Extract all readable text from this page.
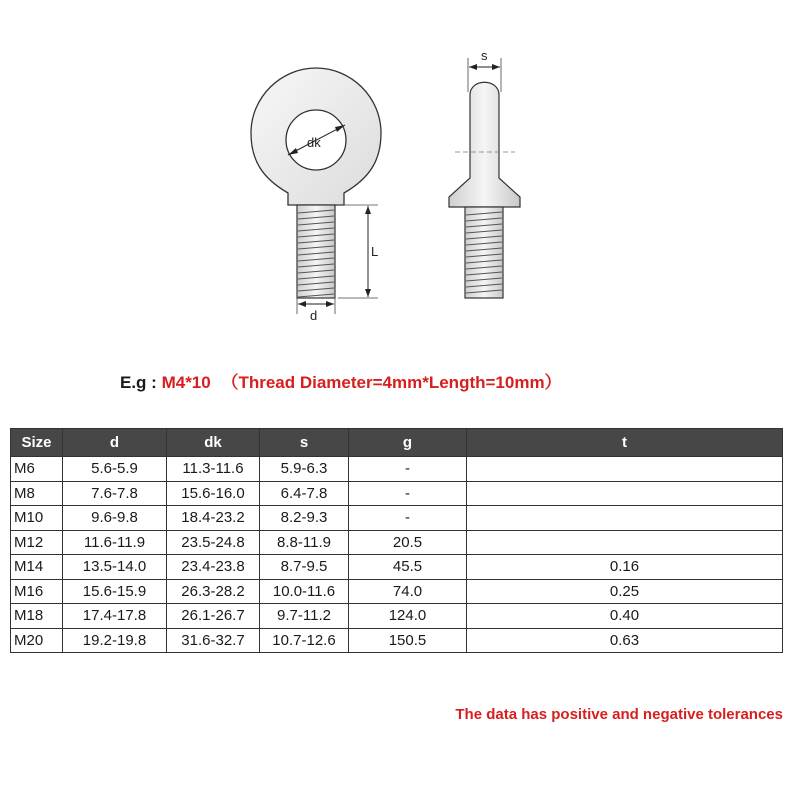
dk
L
d
s
E.g : M4*10 （Thread Diameter=4mm*Length=10mm）
Size	d	dk	s	g	t
M6	5.6-5.9	11.3-11.6	5.9-6.3	-	
M8	7.6-7.8	15.6-16.0	6.4-7.8	-	
M10	9.6-9.8	18.4-23.2	8.2-9.3	-	
M12	11.6-11.9	23.5-24.8	8.8-11.9	20.5	
M14	13.5-14.0	23.4-23.8	8.7-9.5	45.5	0.16
M16	15.6-15.9	26.3-28.2	10.0-11.6	74.0	0.25
M18	17.4-17.8	26.1-26.7	9.7-11.2	124.0	0.40
M20	19.2-19.8	31.6-32.7	10.7-12.6	150.5	0.63
The data has positive and negative tolerances
